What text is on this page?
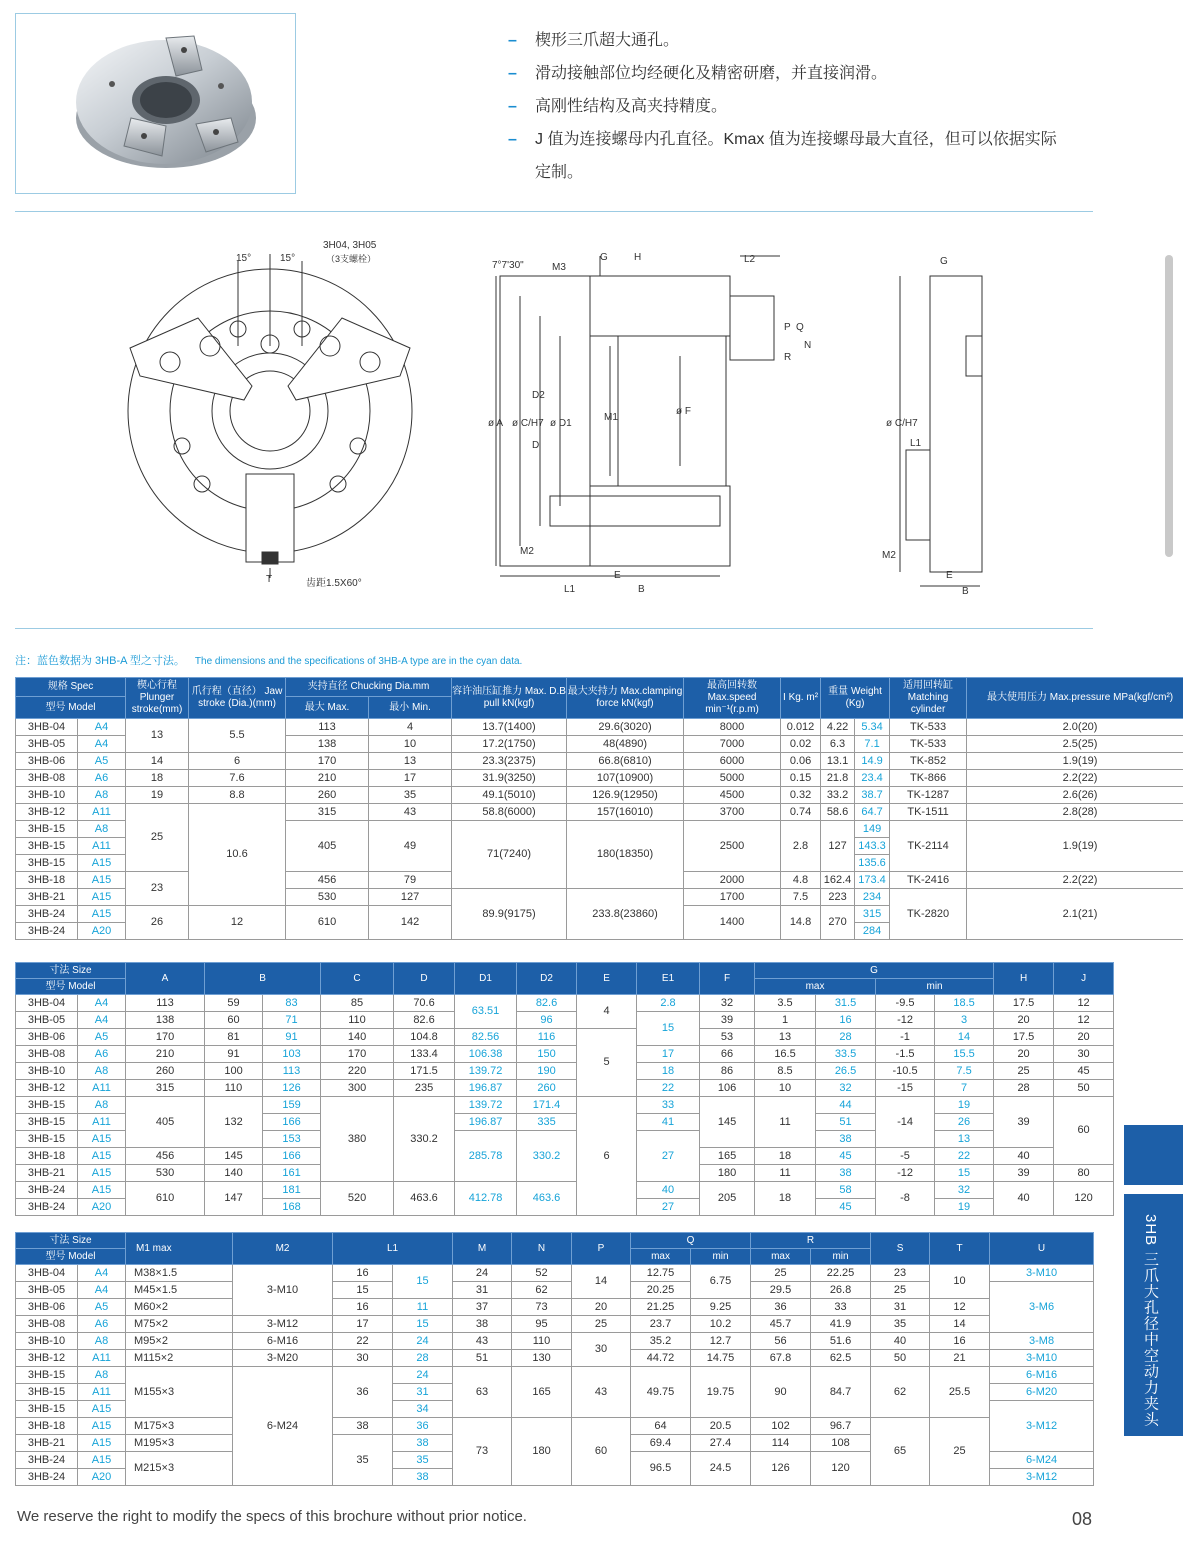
– 楔形三爪超大通孔。
– 滑动接触部位均经硬化及精密研磨，并直接润滑。
– 高刚性结构及高夹持精度。
– J 值为连接螺母内孔直径。Kmax 值为连接螺母最大直径，但可以依据实际
定制。
15°	15°
3H04, 3H05
（3支螺栓）
T	齿距1.5X60°
7°7'30"	M3
G	H	L2
P Q
R
N
ø A ø C/H7
D2
ø D1
D
M1
ø F
M2
L1
E
B
G
ø C/H7
L1
M2
E
B
注：蓝色数据为 3HB-A 型之寸法。 The dimensions and the specifications of 3HB-A type are in the cyan data.
规格 Spec		楔心行程 Plunger stroke(mm)	爪行程（直径） Jaw stroke (Dia.)(mm)	夹持直径 Chucking Dia.mm		容许油压缸推力 Max. D.B pull kN(kgf)	最大夹持力 Max.clamping force kN(kgf)	最高回转数 Max.speed min⁻¹(r.p.m)	I Kg. m²	重量 Weight (Kg)		适用回转缸 Matching cylinder	最大使用压力 Max.pressure MPa(kgf/cm²)
型号 Model				最大 Max.	最小 Min.								
3HB-04	A4	13	5.5	113	4	13.7(1400)	29.6(3020)	8000	0.012	4.22	5.34	TK-533	2.0(20)
3HB-05	A4			138	10	17.2(1750)	48(4890)	7000	0.02	6.3	7.1	TK-533	2.5(25)
3HB-06	A5	14	6	170	13	23.3(2375)	66.8(6810)	6000	0.06	13.1	14.9	TK-852	1.9(19)
3HB-08	A6	18	7.6	210	17	31.9(3250)	107(10900)	5000	0.15	21.8	23.4	TK-866	2.2(22)
3HB-10	A8	19	8.8	260	35	49.1(5010)	126.9(12950)	4500	0.32	33.2	38.7	TK-1287	2.6(26)
3HB-12	A11	25	10.6	315	43	58.8(6000)	157(16010)	3700	0.74	58.6	64.7	TK-1511	2.8(28)
3HB-15	A8			405	49	71(7240)	180(18350)	2500	2.8	127	149	TK-2114	1.9(19)
3HB-15	A11										143.3		
3HB-15	A15										135.6		
3HB-18	A15	23		456	79			2000	4.8	162.4	173.4	TK-2416	2.2(22)
3HB-21	A15			530	127	89.9(9175)	233.8(23860)	1700	7.5	223	234	TK-2820	2.1(21)
3HB-24	A15	26	12	610	142			1400	14.8	270	315		
3HB-24	A20										284		
寸法 Size		A	B		C	D	D1	D2	E	E1	F	G				H	J
型号 Model												max		min			
3HB-04	A4	113	59	83	85	70.6	63.51	82.6	4	2.8	32	3.5	31.5	-9.5	18.5	17.5	12
3HB-05	A4	138	60	71	110	82.6		96		15	39	1	16	-12	3	20	12
3HB-06	A5	170	81	91	140	104.8	82.56	116	5		53	13	28	-1	14	17.5	20
3HB-08	A6	210	91	103	170	133.4	106.38	150		17	66	16.5	33.5	-1.5	15.5	20	30
3HB-10	A8	260	100	113	220	171.5	139.72	190		18	86	8.5	26.5	-10.5	7.5	25	45
3HB-12	A11	315	110	126	300	235	196.87	260		22	106	10	32	-15	7	28	50
3HB-15	A8	405	132	159	380	330.2	139.72	171.4	6	33	145	11	44	-14	19	39	60
3HB-15	A11			166			196.87	335		41			51		26		
3HB-15	A15			153			285.78	330.2		27			38		13		
3HB-18	A15	456	145	166							165	18	45	-5	22	40	
3HB-21	A15	530	140	161							180	11	38	-12	15	39	80
3HB-24	A15	610	147	181	520	463.6	412.78	463.6		40	205	18	58	-8	32	40	120
3HB-24	A20			168						27			45		19		
寸法 Size		M1 max	M2	L1		M	N	P	Q		R		S	T	U
型号 Model									max	min	max	min			
3HB-04	A4	M38×1.5	3-M10	16	15	24	52	14	12.75	6.75	25	22.25	23	10	3-M10
3HB-05	A4	M45×1.5		15		31	62		20.25		29.5	26.8	25		3-M6
3HB-06	A5	M60×2		16	11	37	73	20	21.25	9.25	36	33	31	12	
3HB-08	A6	M75×2	3-M12	17	15	38	95	25	23.7	10.2	45.7	41.9	35	14	
3HB-10	A8	M95×2	6-M16	22	24	43	110	30	35.2	12.7	56	51.6	40	16	3-M8
3HB-12	A11	M115×2	3-M20	30	28	51	130		44.72	14.75	67.8	62.5	50	21	3-M10
3HB-15	A8	M155×3	6-M24	36	24	63	165	43	49.75	19.75	90	84.7	62	25.5	6-M16
3HB-15	A11				31										6-M20
3HB-15	A15				34										3-M12
3HB-18	A15	M175×3		38	36	73	180	60	64	20.5	102	96.7	65	25	
3HB-21	A15	M195×3		35	38				69.4	27.4	114	108			
3HB-24	A15	M215×3			35				96.5	24.5	126	120			6-M24
3HB-24	A20				38										3-M12
3HB 三爪大孔径中空动力夹头
We reserve the right to modify the specs of this brochure without prior notice.	08
